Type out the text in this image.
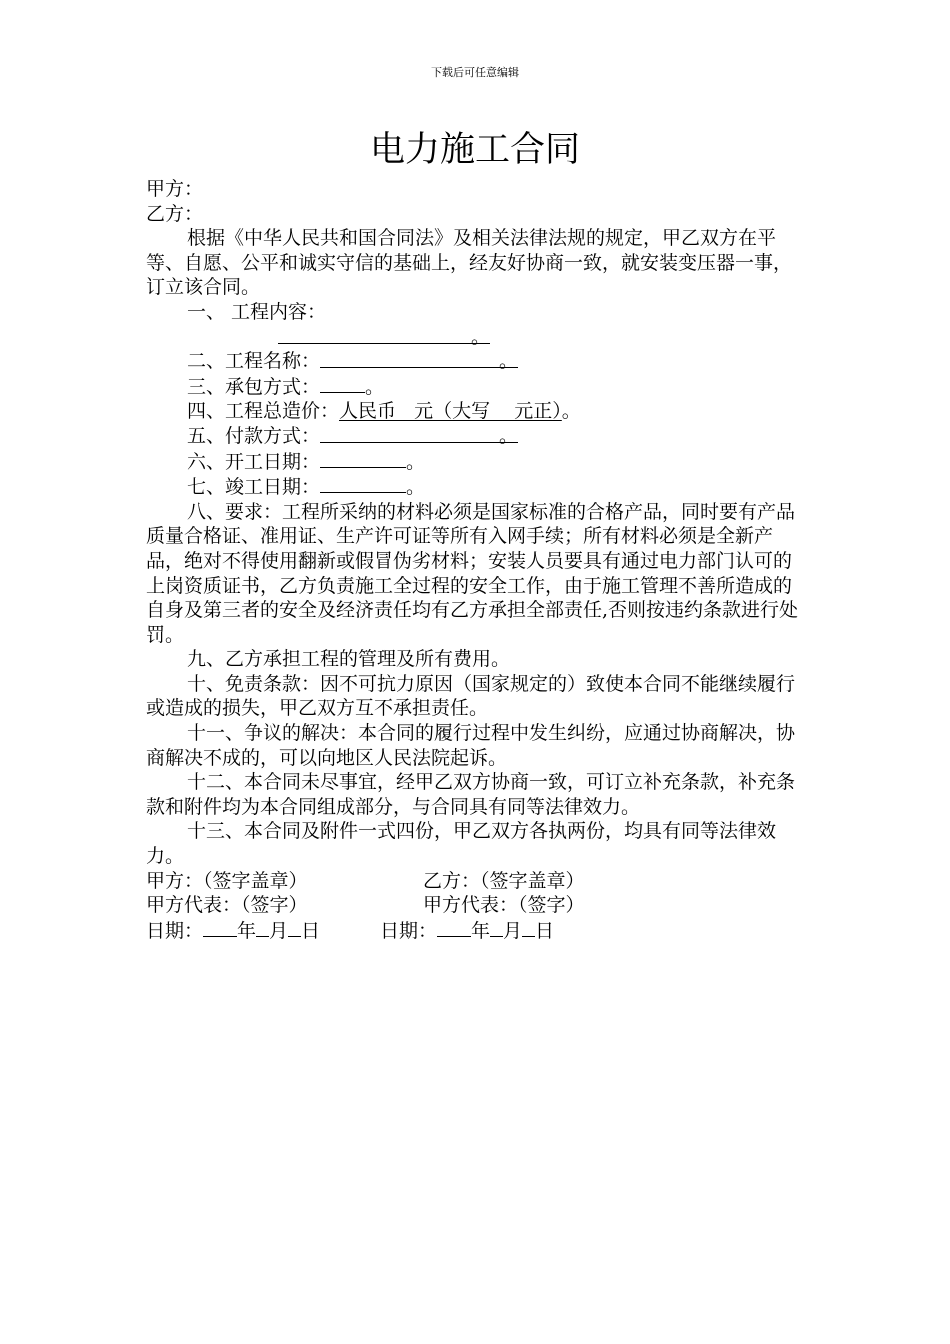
下载后可任意编辑
电力施工合同

甲方：

乙方：

根据《中华人民共和国合同法》及相关法律法规的规定，甲乙双方在平等、自愿、公平和诚实守信的基础上，经友好协商一致，就安装变压器一事，订立该合同。

一、 工程内容：

。

二、工程名称：	。

三、承包方式： 。

四、工程总造价：人民币   元（大写    元正）。

五、付款方式：	。

六、开工日期：	。

七、竣工日期：	。

八、要求：工程所采纳的材料必须是国家标准的合格产品，同时要有产品质量合格证、准用证、生产许可证等所有入网手续；所有材料必须是全新产品，绝对不得使用翻新或假冒伪劣材料；安装人员要具有通过电力部门认可的上岗资质证书，乙方负责施工全过程的安全工作，由于施工管理不善所造成的自身及第三者的安全及经济责任均有乙方承担全部责任,否则按违约条款进行处罚。

九、乙方承担工程的管理及所有费用。

十、免责条款：因不可抗力原因（国家规定的）致使本合同不能继续履行或造成的损失，甲乙双方互不承担责任。

十一、争议的解决：本合同的履行过程中发生纠纷，应通过协商解决，协商解决不成的，可以向地区人民法院起诉。

十二、本合同未尽事宜，经甲乙双方协商一致，可订立补充条款，补充条款和附件均为本合同组成部分，与合同具有同等法律效力。

十三、本合同及附件一式四份，甲乙双方各执两份，均具有同等法律效力。

甲方：（签字盖章）	乙方：（签字盖章）
甲方代表：（签字）	甲方代表：（签字）
日期： 年 月 日	日期： 年 月 日
